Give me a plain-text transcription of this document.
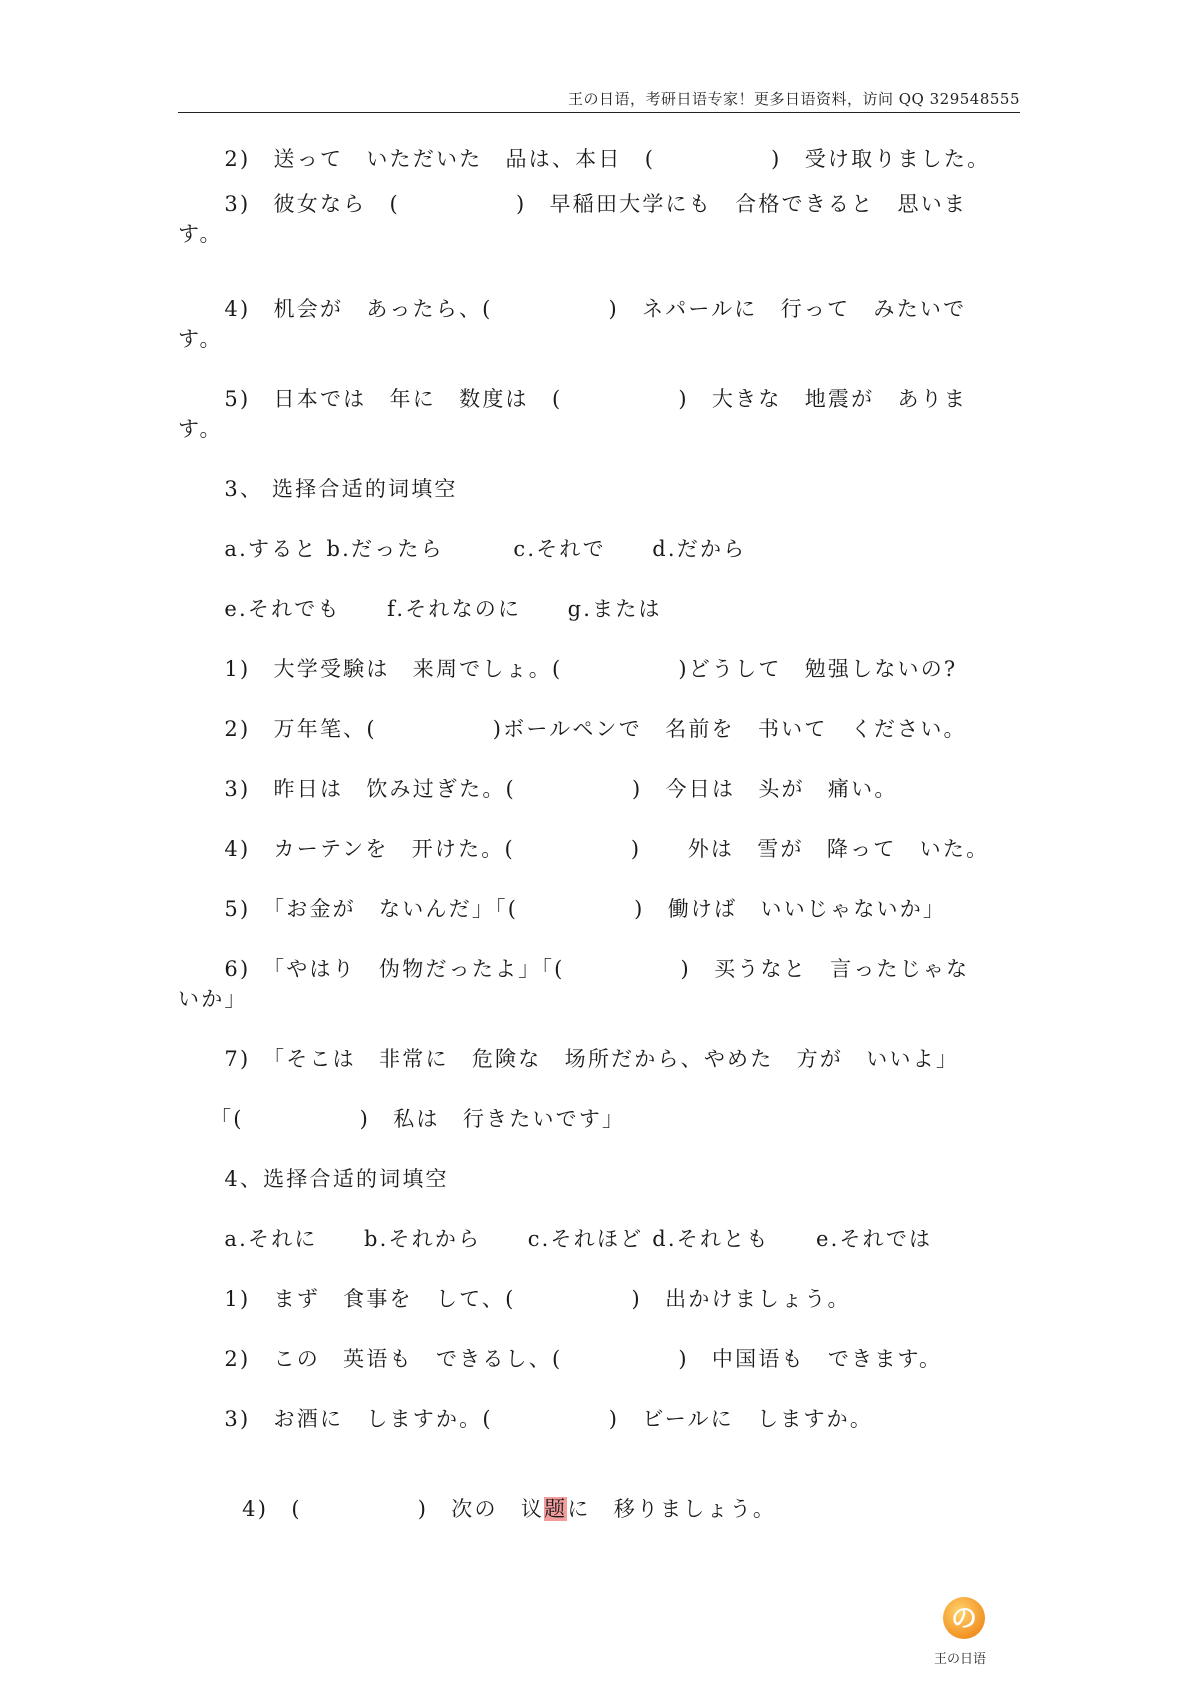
王の日语，考研日语专家！更多日语资料，访问 QQ 329548555
　　2)　送って　いただいた　品は、本日　(　　　　　)　受け取りました。
　　3)　彼女なら　(　　　　　)　早稲田大学にも　合格できると　思いま
す。
　　4)　机会が　あったら、(　　　　　)　ネパールに　行って　みたいで
す。
　　5)　日本では　年に　数度は　(　　　　　)　大きな　地震が　ありま
す。
　　3、 选择合适的词填空
　　a.すると b.だったら　　　c.それで　　d.だから
　　e.それでも　　f.それなのに　　g.または
　　1)　大学受験は　来周でしょ。(　　　　　)どうして　勉强しないの?
　　2)　万年笔、(　　　　　)ボールペンで　名前を　书いて　ください。
　　3)　昨日は　饮み过ぎた。(　　　　　)　今日は　头が　痛い。
　　4)　カーテンを　开けた。(　　　　　)　　外は　雪が　降って　いた。
　　5)　「お金が　ないんだ」「(　　　　　)　働けば　いいじゃないか」
　　6)　「やはり　伪物だったよ」「(　　　　　)　买うなと　言ったじゃな
いか」
　　7)　「そこは　非常に　危険な　场所だから、やめた　方が　いいよ」
　 「(　　　　　)　私は　行きたいです」
　　4、选择合适的词填空
　　a.それに　　b.それから　　c.それほど d.それとも　　e.それでは
　　1)　まず　食事を　して、(　　　　　)　出かけましょう。
　　2)　この　英语も　できるし、(　　　　　)　中国语も　できます。
　　3)　お酒に　しますか。(　　　　　)　ビールに　しますか。

　　4)　(　　　　　)　次の　议题に　移りましょう。

の
王の日语
